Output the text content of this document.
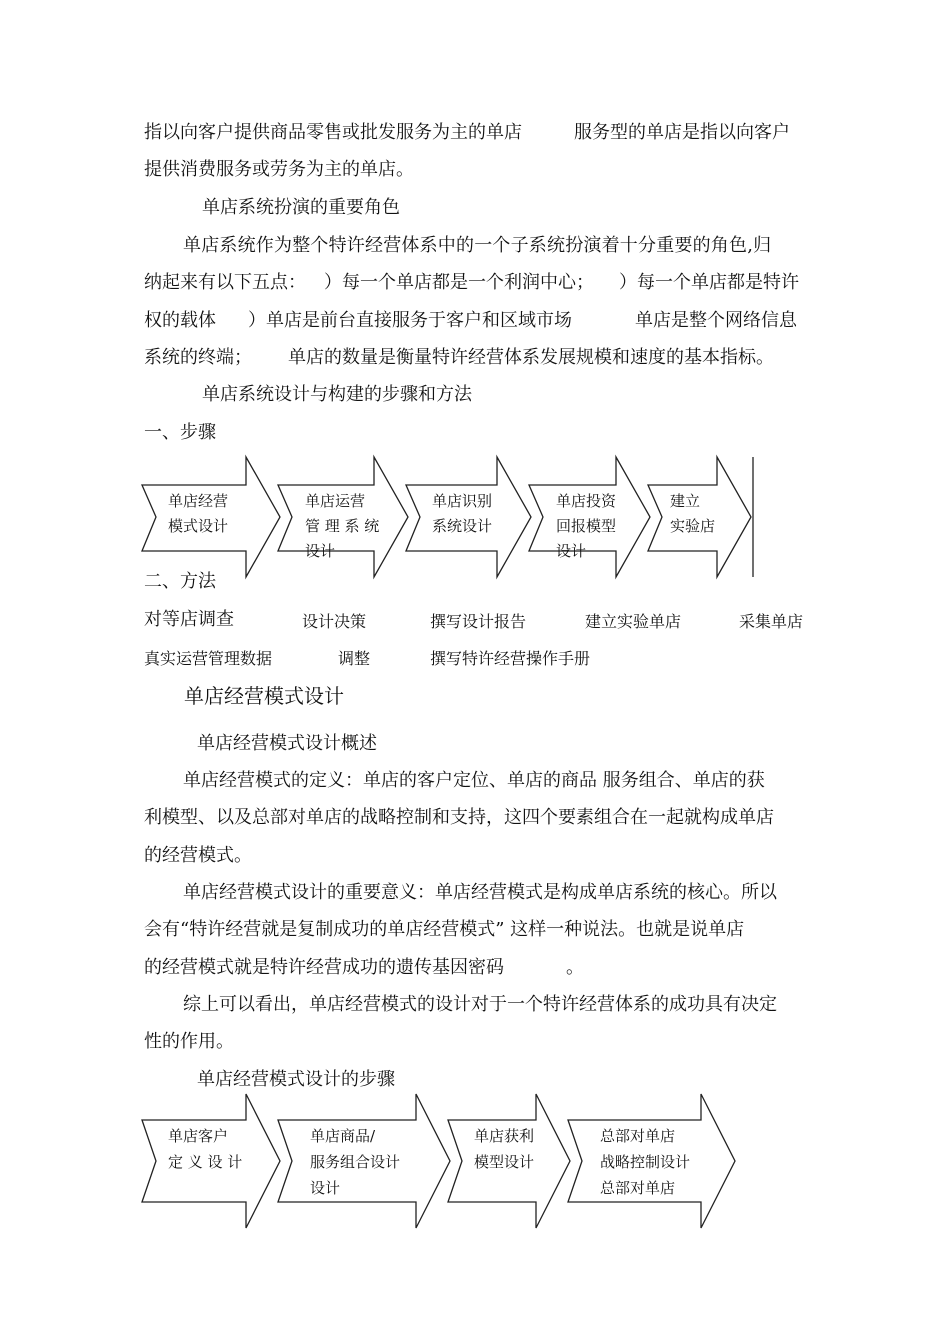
指以向客户提供商品零售或批发服务为主的单店	服务型的单店是指以向客户
提供消费服务或劳务为主的单店。
单店系统扮演的重要角色
单店系统作为整个特许经营体系中的一个子系统扮演着十分重要的角色,归
纳起来有以下五点： ）每一个单店都是一个利润中心； ）每一个单店都是特许
权的载体 ）单店是前台直接服务于客户和区域市场	单店是整个网络信息
系统的终端； 单店的数量是衡量特许经营体系发展规模和速度的基本指标。
单店系统设计与构建的步骤和方法
一、步骤
单店经营
模式设计
单店运营
管 理 系 统
设计
单店识别
系统设计
单店投资
回报模型
设计
建立
实验店
二、方法
对等店调查	设计决策	撰写设计报告	建立实验单店	采集单店
真实运营管理数据	调整	撰写特许经营操作手册
单店经营模式设计
单店经营模式设计概述
单店经营模式的定义：单店的客户定位、单店的商品 服务组合、单店的获
利模型、以及总部对单店的战略控制和支持，这四个要素组合在一起就构成单店
的经营模式。
单店经营模式设计的重要意义：单店经营模式是构成单店系统的核心。所以
会有“特许经营就是复制成功的单店经营模式” 这样一种说法。也就是说单店
的经营模式就是特许经营成功的遗传基因密码	。
综上可以看出，单店经营模式的设计对于一个特许经营体系的成功具有决定
性的作用。
单店经营模式设计的步骤
单店客户
定 义 设 计
单店商品/
服务组合设计
设计
单店获利
模型设计
总部对单店
战略控制设计
总部对单店
